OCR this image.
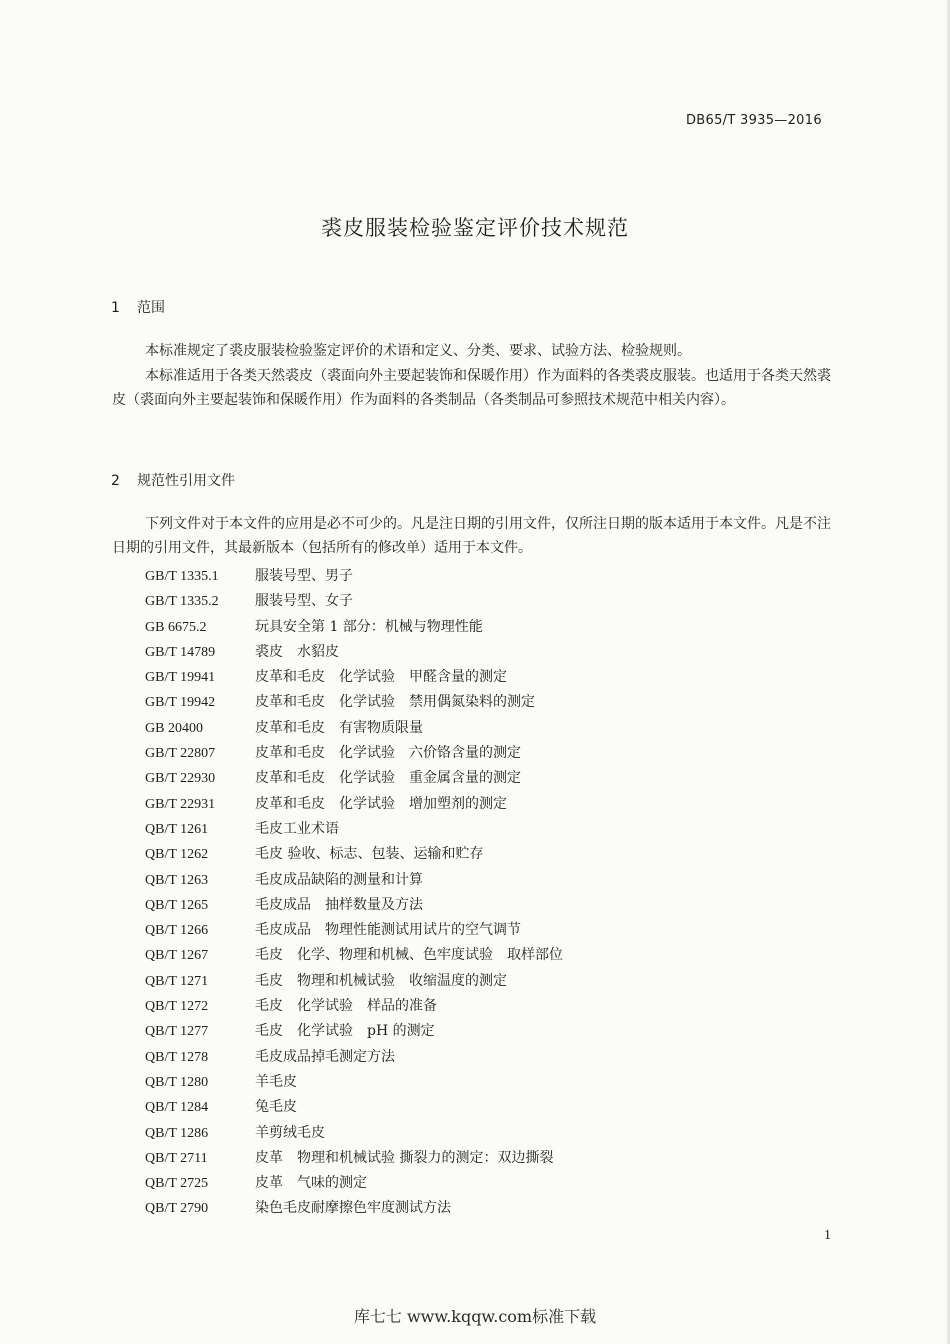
DB65/T 3935—2016
裘皮服装检验鉴定评价技术规范
1 范围
本标准规定了裘皮服装检验鉴定评价的术语和定义、分类、要求、试验方法、检验规则。
本标准适用于各类天然裘皮（裘面向外主要起装饰和保暖作用）作为面料的各类裘皮服装。也适用于各类天然裘皮（裘面向外主要起装饰和保暖作用）作为面料的各类制品（各类制品可参照技术规范中相关内容）。
2 规范性引用文件
下列文件对于本文件的应用是必不可少的。凡是注日期的引用文件，仅所注日期的版本适用于本文件。凡是不注日期的引用文件，其最新版本（包括所有的修改单）适用于本文件。
GB/T 1335.1	服装号型、男子
GB/T 1335.2	服装号型、女子
GB 6675.2	玩具安全第 1 部分：机械与物理性能
GB/T 14789	裘皮　水貂皮
GB/T 19941	皮革和毛皮　化学试验　甲醛含量的测定
GB/T 19942	皮革和毛皮　化学试验　禁用偶氮染料的测定
GB 20400	皮革和毛皮　有害物质限量
GB/T 22807	皮革和毛皮　化学试验　六价铬含量的测定
GB/T 22930	皮革和毛皮　化学试验　重金属含量的测定
GB/T 22931	皮革和毛皮　化学试验　增加塑剂的测定
QB/T 1261	毛皮工业术语
QB/T 1262	毛皮 验收、标志、包装、运输和贮存
QB/T 1263	毛皮成品缺陷的测量和计算
QB/T 1265	毛皮成品　抽样数量及方法
QB/T 1266	毛皮成品　物理性能测试用试片的空气调节
QB/T 1267	毛皮　化学、物理和机械、色牢度试验　取样部位
QB/T 1271	毛皮　物理和机械试验　收缩温度的测定
QB/T 1272	毛皮　化学试验　样品的准备
QB/T 1277	毛皮　化学试验　pH 的测定
QB/T 1278	毛皮成品掉毛测定方法
QB/T 1280	羊毛皮
QB/T 1284	兔毛皮
QB/T 1286	羊剪绒毛皮
QB/T 2711	皮革　物理和机械试验 撕裂力的测定：双边撕裂
QB/T 2725	皮革　气味的测定
QB/T 2790	染色毛皮耐摩擦色牢度测试方法
1
库七七 www.kqqw.com标准下载
